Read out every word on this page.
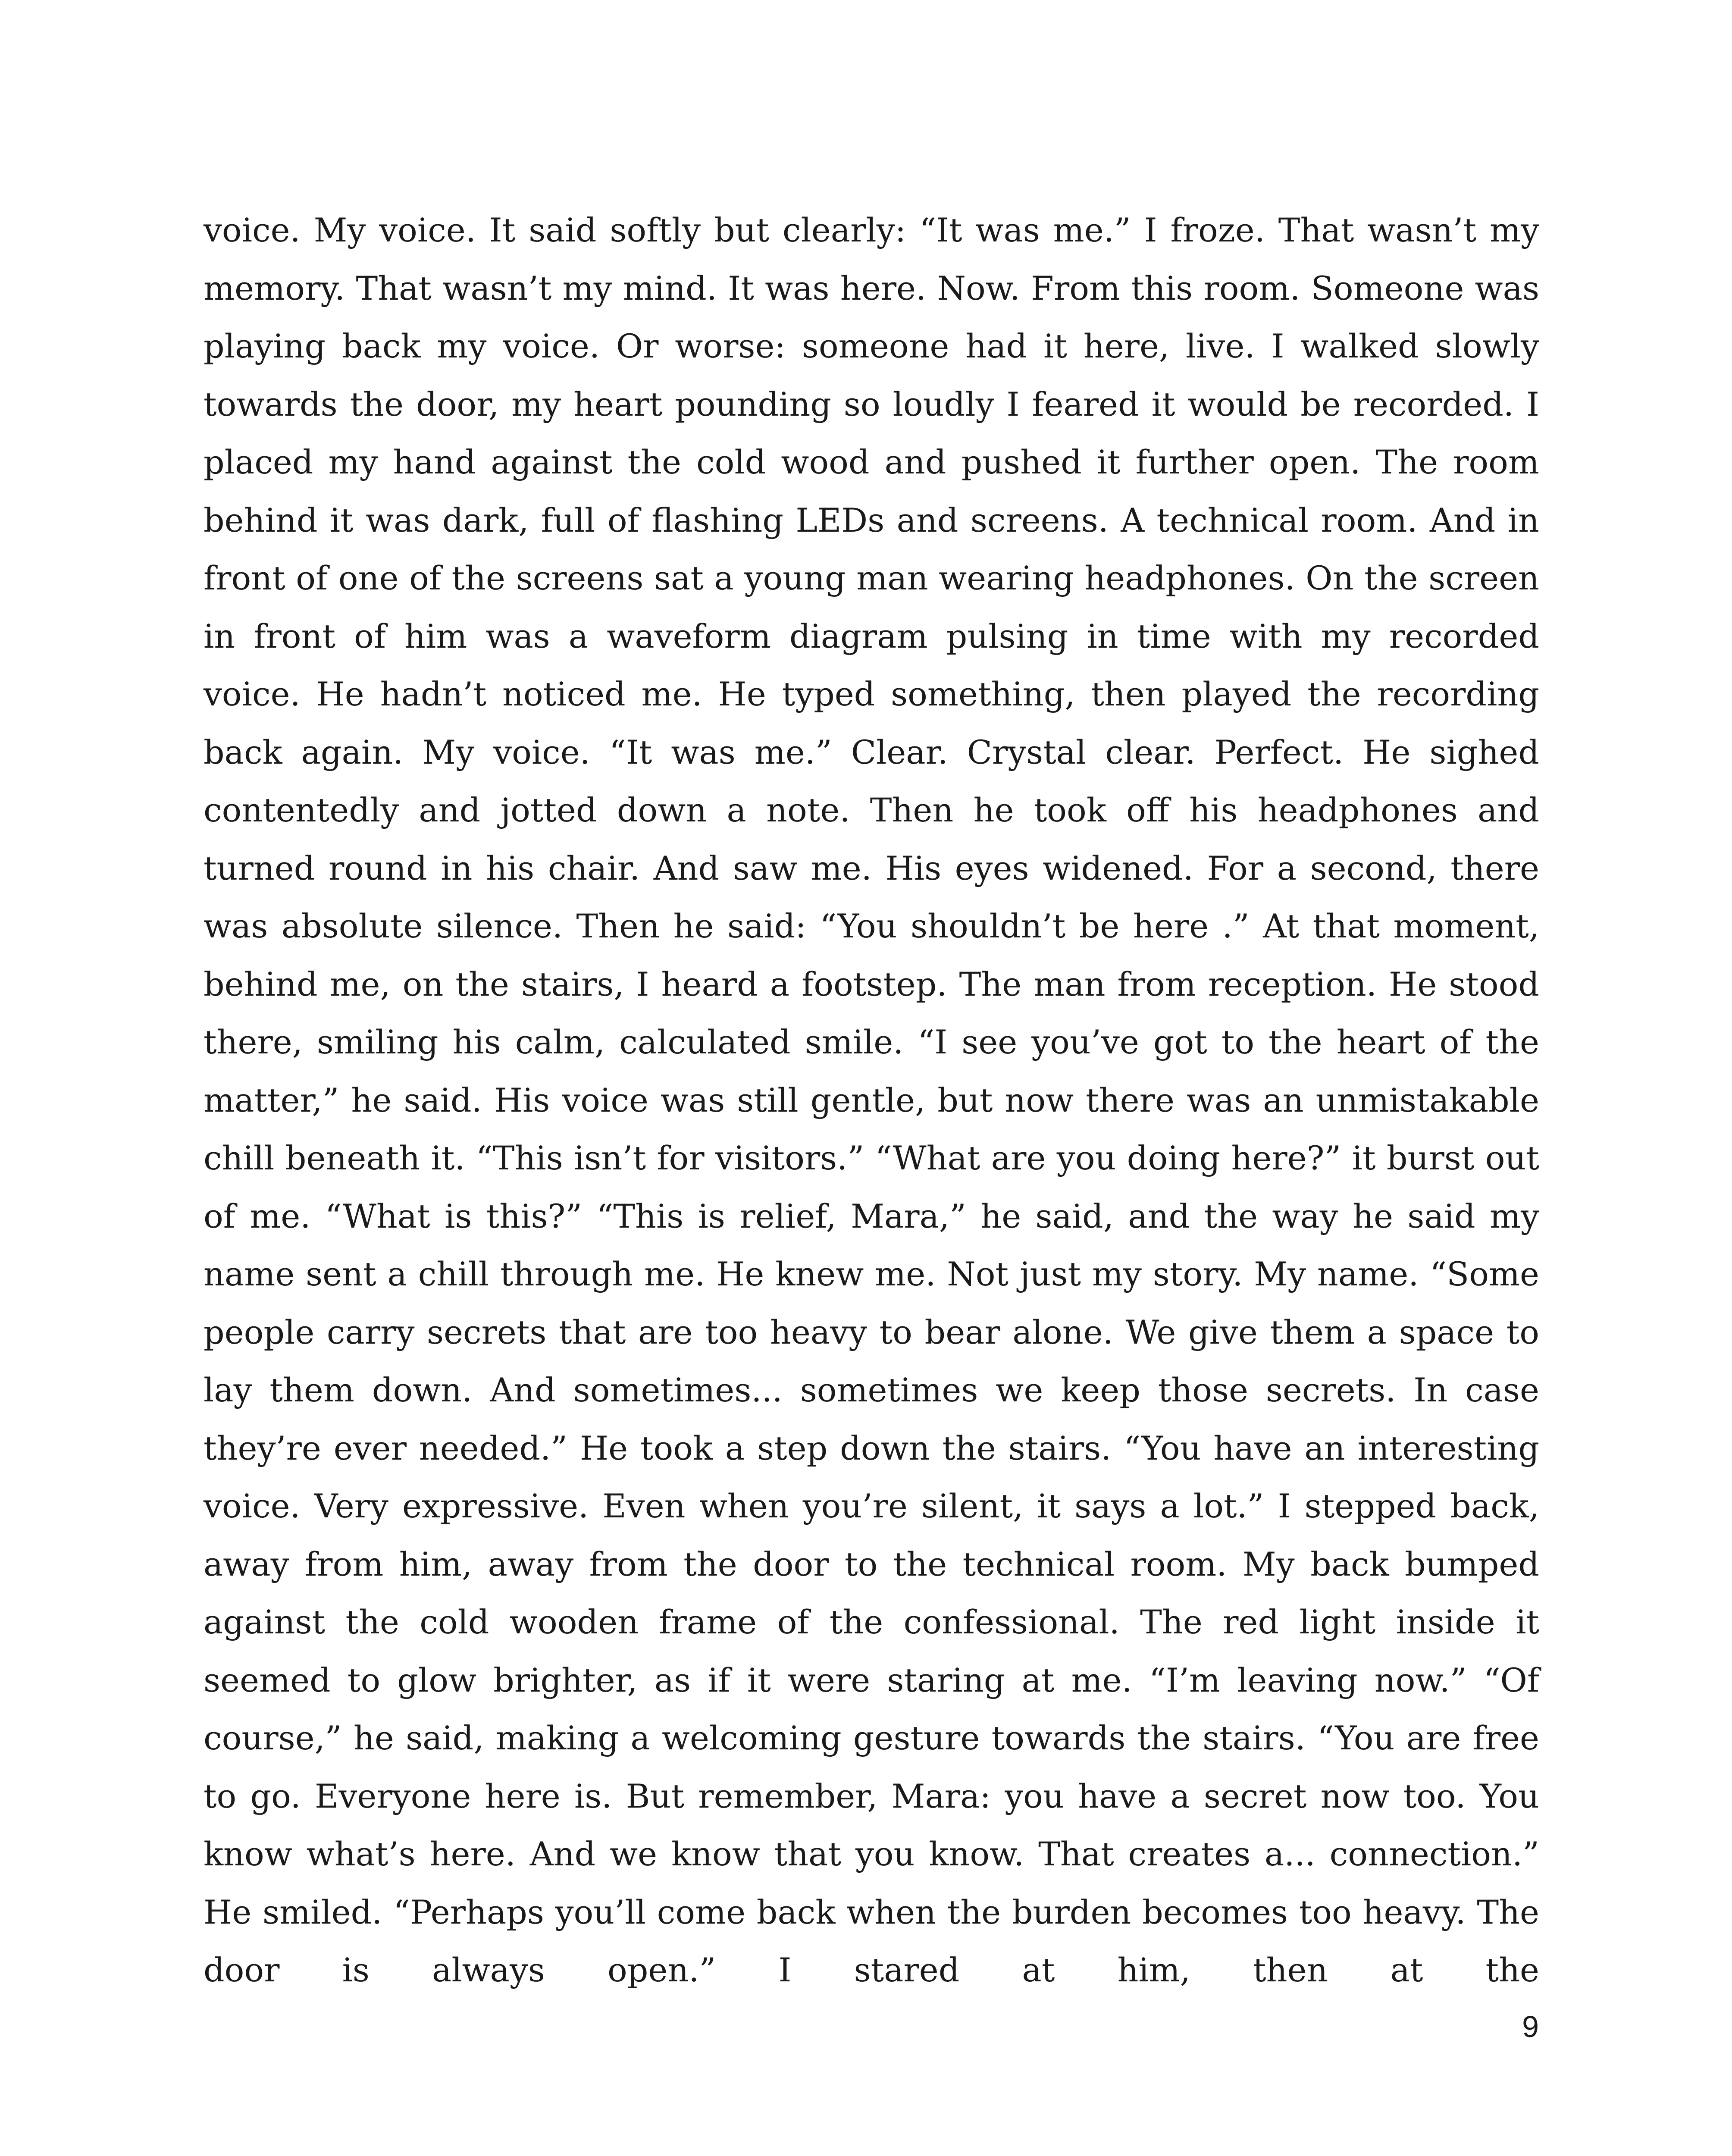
voice. My voice. It said softly but clearly: “It was me.” I froze. That wasn’t my memory. That wasn’t my mind. It was here. Now. From this room. Someone was playing back my voice. Or worse: someone had it here, live. I walked slowly towards the door, my heart pounding so loudly I feared it would be recorded. I placed my hand against the cold wood and pushed it further open. The room behind it was dark, full of flashing LEDs and screens. A technical room. And in front of one of the screens sat a young man wearing headphones. On the screen in front of him was a waveform diagram pulsing in time with my recorded voice. He hadn’t noticed me. He typed something, then played the recording back again. My voice. “It was me.” Clear. Crystal clear. Perfect. He sighed contentedly and jotted down a note. Then he took off his headphones and turned round in his chair. And saw me. His eyes widened. For a second, there was absolute silence. Then he said: “You shouldn’t be here .” At that moment, behind me, on the stairs, I heard a footstep. The man from reception. He stood there, smiling his calm, calculated smile. “I see you’ve got to the heart of the matter,” he said. His voice was still gentle, but now there was an unmistakable chill beneath it. “This isn’t for visitors.” “What are you doing here?” it burst out of me. “What is this?” “This is relief, Mara,” he said, and the way he said my name sent a chill through me. He knew me. Not just my story. My name. “Some people carry secrets that are too heavy to bear alone. We give them a space to lay them down. And sometimes... sometimes we keep those secrets. In case they’re ever needed.” He took a step down the stairs. “You have an interesting voice. Very expressive. Even when you’re silent, it says a lot.” I stepped back, away from him, away from the door to the technical room. My back bumped against the cold wooden frame of the confessional. The red light inside it seemed to glow brighter, as if it were staring at me. “I’m leaving now.” “Of course,” he said, making a welcoming gesture towards the stairs. “You are free to go. Everyone here is. But remember, Mara: you have a secret now too. You know what’s here. And we know that you know. That creates a... connection.” He smiled. “Perhaps you’ll come back when the burden becomes too heavy. The door is always open.” I stared at him, then at the

9
